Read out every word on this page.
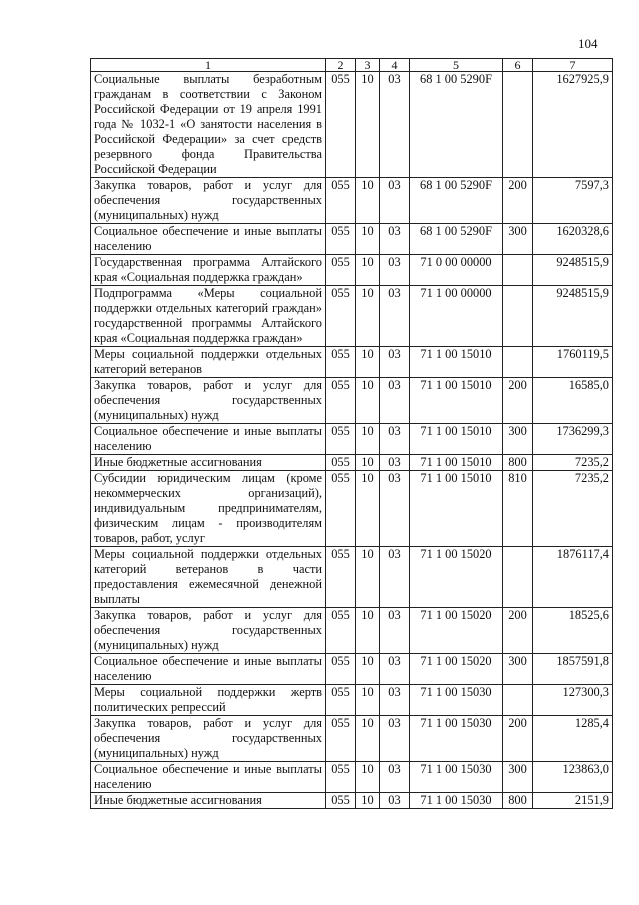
104
1	2	3	4	5	6	7
Социальные выплаты безработным гражданам в соответствии с Законом Российской Федерации от 19 апреля 1991 года № 1032-1 «О занятости населения в Российской Федерации» за счет средств резервного фонда Правительства Российской Федерации	055	10	03	68 1 00 5290F		1627925,9
Закупка товаров, работ и услуг для обеспечения государственных (муниципальных) нужд	055	10	03	68 1 00 5290F	200	7597,3
Социальное обеспечение и иные выплаты населению	055	10	03	68 1 00 5290F	300	1620328,6
Государственная программа Алтайского края «Социальная поддержка граждан»	055	10	03	71 0 00 00000		9248515,9
Подпрограмма «Меры социальной поддержки отдельных категорий граждан» государственной программы Алтайского края «Социальная поддержка граждан»	055	10	03	71 1 00 00000		9248515,9
Меры социальной поддержки отдельных категорий ветеранов	055	10	03	71 1 00 15010		1760119,5
Закупка товаров, работ и услуг для обеспечения государственных (муниципальных) нужд	055	10	03	71 1 00 15010	200	16585,0
Социальное обеспечение и иные выплаты населению	055	10	03	71 1 00 15010	300	1736299,3
Иные бюджетные ассигнования	055	10	03	71 1 00 15010	800	7235,2
Субсидии юридическим лицам (кроме некоммерческих организаций), индивидуальным предпринимателям, физическим лицам - производителям товаров, работ, услуг	055	10	03	71 1 00 15010	810	7235,2
Меры социальной поддержки отдельных категорий ветеранов в части предоставления ежемесячной денежной выплаты	055	10	03	71 1 00 15020		1876117,4
Закупка товаров, работ и услуг для обеспечения государственных (муниципальных) нужд	055	10	03	71 1 00 15020	200	18525,6
Социальное обеспечение и иные выплаты населению	055	10	03	71 1 00 15020	300	1857591,8
Меры социальной поддержки жертв политических репрессий	055	10	03	71 1 00 15030		127300,3
Закупка товаров, работ и услуг для обеспечения государственных (муниципальных) нужд	055	10	03	71 1 00 15030	200	1285,4
Социальное обеспечение и иные выплаты населению	055	10	03	71 1 00 15030	300	123863,0
Иные бюджетные ассигнования	055	10	03	71 1 00 15030	800	2151,9
